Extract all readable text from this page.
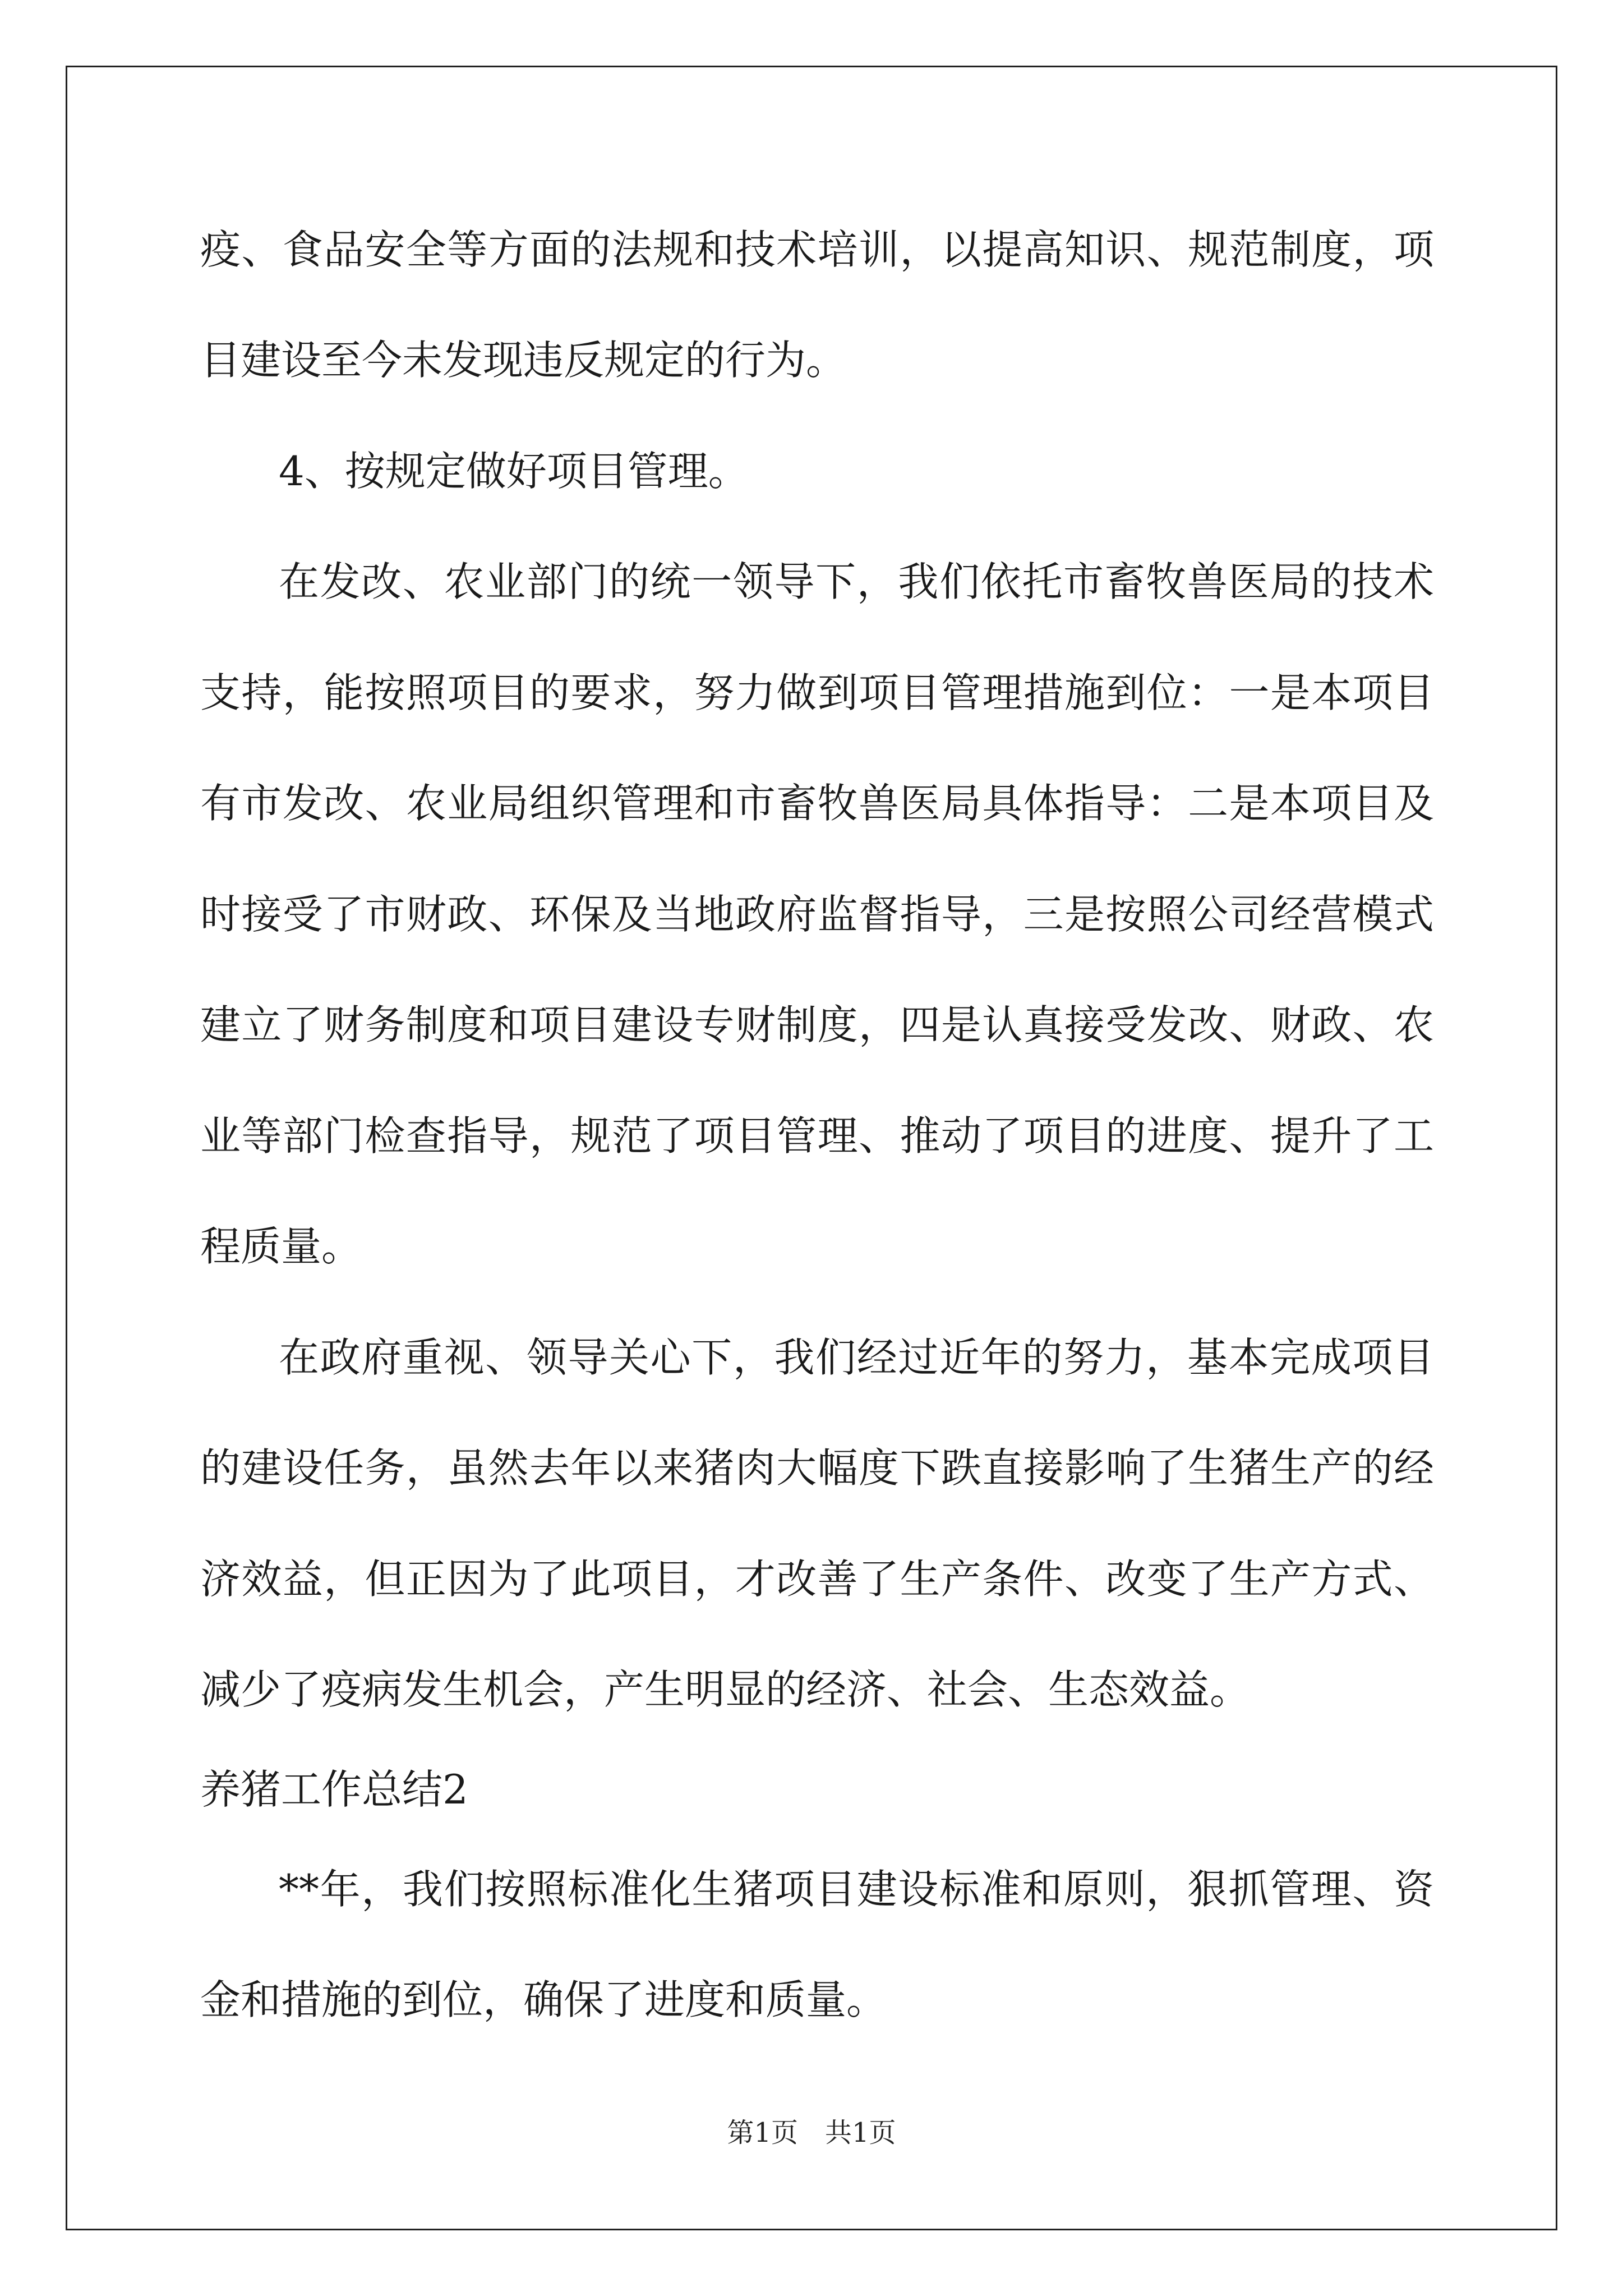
疫、食品安全等方面的法规和技术培训，以提高知识、规范制度，项
目建设至今未发现违反规定的行为。
4、按规定做好项目管理。
在发改、农业部门的统一领导下，我们依托市畜牧兽医局的技术
支持，能按照项目的要求，努力做到项目管理措施到位：一是本项目
有市发改、农业局组织管理和市畜牧兽医局具体指导：二是本项目及
时接受了市财政、环保及当地政府监督指导，三是按照公司经营模式
建立了财务制度和项目建设专财制度，四是认真接受发改、财政、农
业等部门检查指导，规范了项目管理、推动了项目的进度、提升了工
程质量。
在政府重视、领导关心下，我们经过近年的努力，基本完成项目
的建设任务，虽然去年以来猪肉大幅度下跌直接影响了生猪生产的经
济效益，但正因为了此项目，才改善了生产条件、改变了生产方式、
减少了疫病发生机会，产生明显的经济、社会、生态效益。
养猪工作总结2
**年，我们按照标准化生猪项目建设标准和原则，狠抓管理、资
金和措施的到位，确保了进度和质量。
第1页　共1页
